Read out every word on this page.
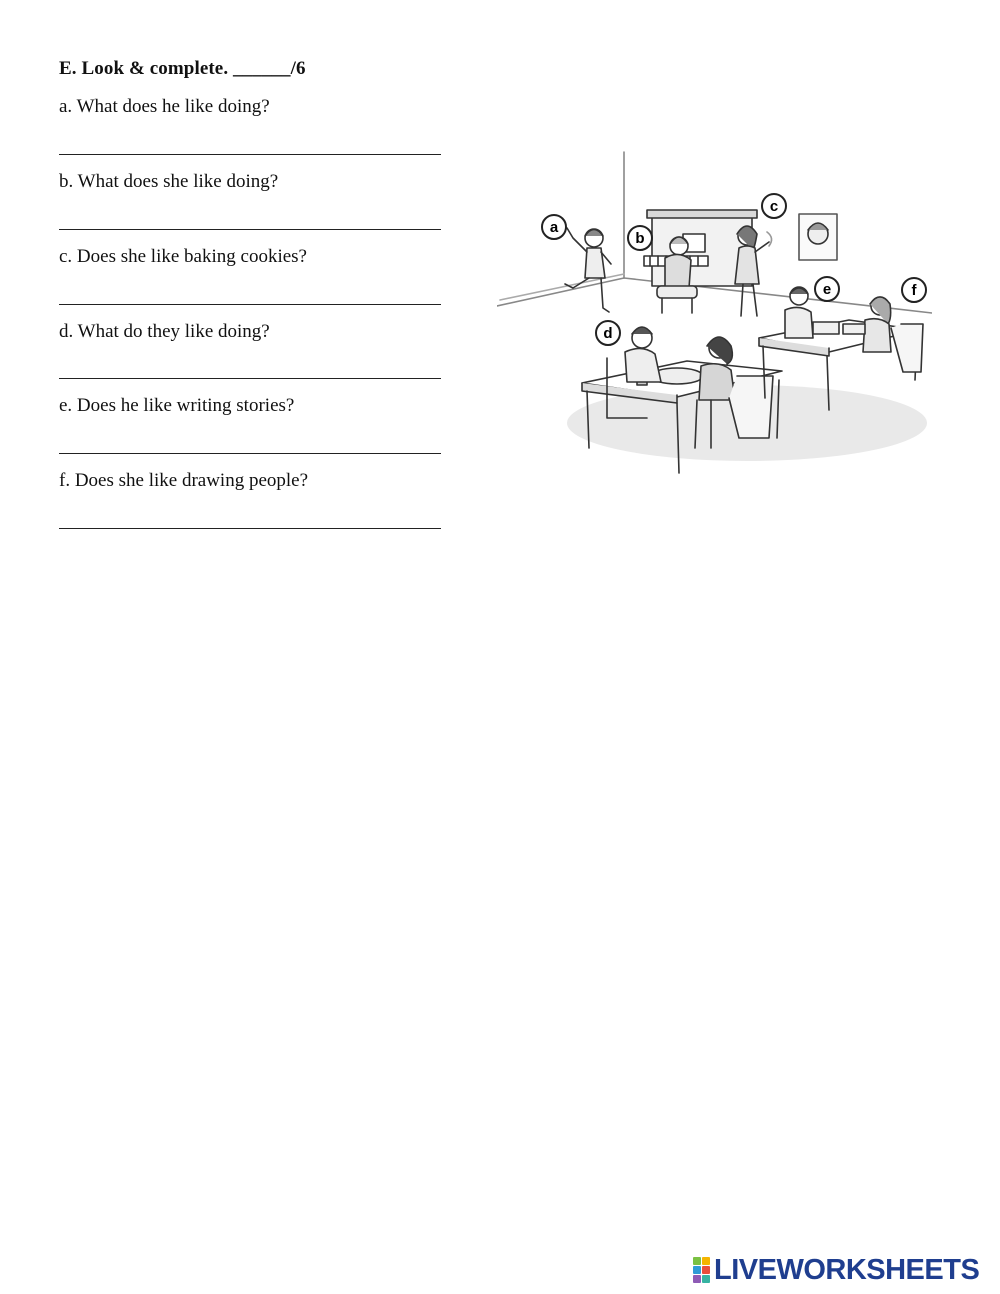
E. Look & complete. ______/6
a. What does he like doing?
b. What does she like doing?
c. Does she like baking cookies?
d. What do they like doing?
e. Does he like writing stories?
f. Does she like drawing people?
a
b
c
d
e	f
LIVEWORKSHEETS
